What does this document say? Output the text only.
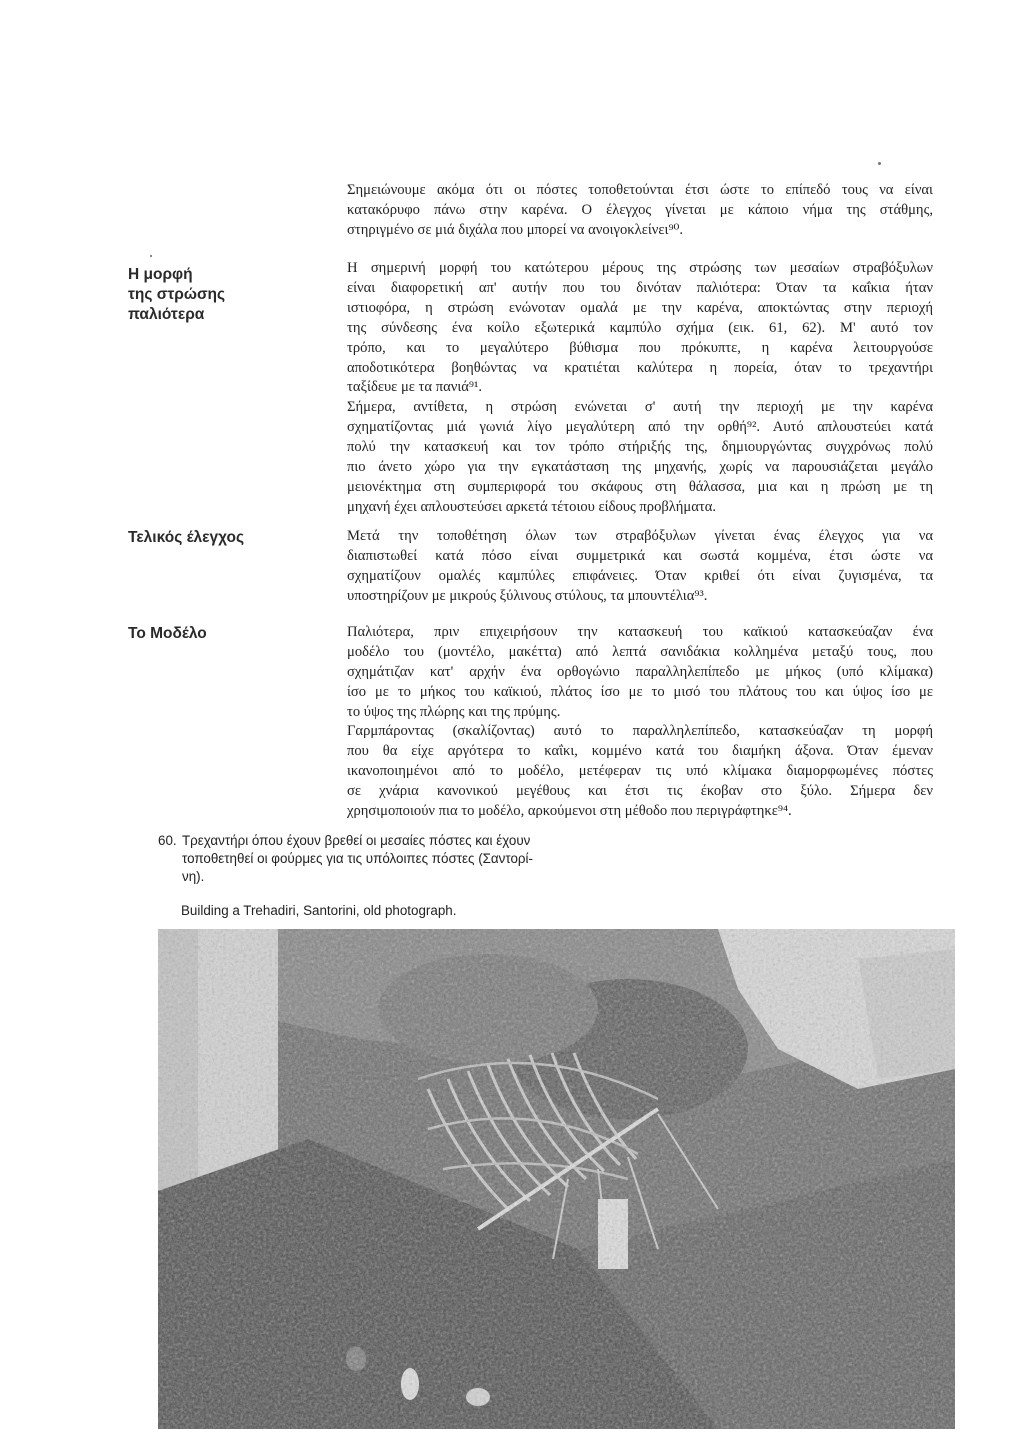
Σημειώνουμε ακόμα ότι οι πόστες τοποθετούνται έτσι ώστε το επίπεδό τους να είναι
κατακόρυφο πάνω στην καρένα. Ο έλεγχος γίνεται με κάποιο νήμα της στάθμης,
στηριγμένο σε μιά διχάλα που μπορεί να ανοιγοκλείνει⁹⁰.
Η μορφή
της στρώσης
παλιότερα
Η σημερινή μορφή του κατώτερου μέρους της στρώσης των μεσαίων στραβόξυλων
είναι διαφορετική απ' αυτήν που του δινόταν παλιότερα: Όταν τα καΐκια ήταν
ιστιοφόρα, η στρώση ενώνοταν ομαλά με την καρένα, αποκτώντας στην περιοχή
της σύνδεσης ένα κοίλο εξωτερικά καμπύλο σχήμα (εικ. 61, 62). Μ' αυτό τον
τρόπο, και το μεγαλύτερο βύθισμα που πρόκυπτε, η καρένα λειτουργούσε
αποδοτικότερα βοηθώντας να κρατιέται καλύτερα η πορεία, όταν το τρεχαντήρι
ταξίδευε με τα πανιά⁹¹.
Σήμερα, αντίθετα, η στρώση ενώνεται σ' αυτή την περιοχή με την καρένα
σχηματίζοντας μιά γωνιά λίγο μεγαλύτερη από την ορθή⁹². Αυτό απλουστεύει κατά
πολύ την κατασκευή και τον τρόπο στήριξής της, δημιουργώντας συγχρόνως πολύ
πιο άνετο χώρο για την εγκατάσταση της μηχανής, χωρίς να παρουσιάζεται μεγάλο
μειονέκτημα στη συμπεριφορά του σκάφους στη θάλασσα, μια και η πρώση με τη
μηχανή έχει απλουστεύσει αρκετά τέτοιου είδους προβλήματα.
Τελικός έλεγχος	Μετά την τοποθέτηση όλων των στραβόξυλων γίνεται ένας έλεγχος για να
διαπιστωθεί κατά πόσο είναι συμμετρικά και σωστά κομμένα, έτσι ώστε να
σχηματίζουν ομαλές καμπύλες επιφάνειες. Όταν κριθεί ότι είναι ζυγισμένα, τα
υποστηρίζουν με μικρούς ξύλινους στύλους, τα μπουντέλια⁹³.
Το Μοδέλο	Παλιότερα, πριν επιχειρήσουν την κατασκευή του καϊκιού κατασκεύαζαν ένα
μοδέλο του (μοντέλο, μακέττα) από λεπτά σανιδάκια κολλημένα μεταξύ τους, που
σχημάτιζαν κατ' αρχήν ένα ορθογώνιο παραλληλεπίπεδο με μήκος (υπό κλίμακα)
ίσο με το μήκος του καϊκιού, πλάτος ίσο με το μισό του πλάτους του και ύψος ίσο με
το ύψος της πλώρης και της πρύμης.
Γαρμπάροντας (σκαλίζοντας) αυτό το παραλληλεπίπεδο, κατασκεύαζαν τη μορφή
που θα είχε αργότερα το καΐκι, κομμένο κατά του διαμήκη άξονα. Όταν έμεναν
ικανοποιημένοι από το μοδέλο, μετέφεραν τις υπό κλίμακα διαμορφωμένες πόστες
σε χνάρια κανονικού μεγέθους και έτσι τις έκοβαν στο ξύλο. Σήμερα δεν
χρησιμοποιούν πια το μοδέλο, αρκούμενοι στη μέθοδο που περιγράφτηκε⁹⁴.
60. Τρεχαντήρι όπου έχουν βρεθεί οι μεσαίες πόστες και έχουν
τοποθετηθεί οι φούρμες για τις υπόλοιπες πόστες (Σαντορί-
νη).
Building a Trehadiri, Santorini, old photograph.
